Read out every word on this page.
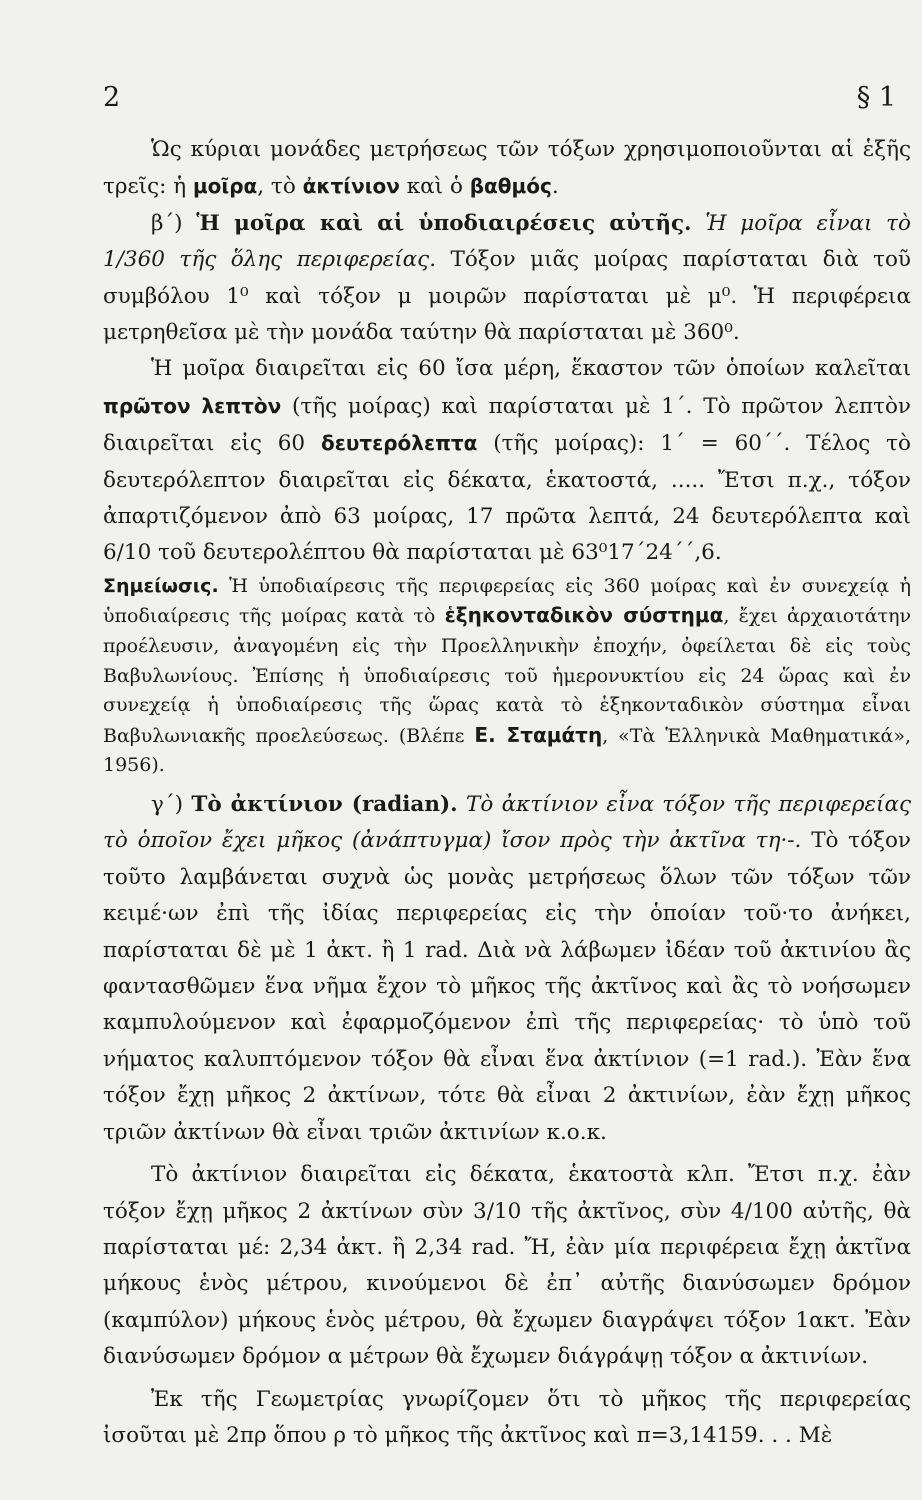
2	§ 1

Ὡς κύριαι μονάδες μετρήσεως τῶν τόξων χρησιμοποιοῦνται αἱ ἑξῆς τρεῖς: ἡ μοῖρα, τὸ ἀκτίνιον καὶ ὁ βαθμός.

β΄) Ἡ μοῖρα καὶ αἱ ὑποδιαιρέσεις αὐτῆς. Ἡ μοῖρα εἶναι τὸ 1/360 τῆς ὅλης περιφερείας. Τόξον μιᾶς μοίρας παρίσταται διὰ τοῦ συμβόλου 1⁰ καὶ τόξον μ μοιρῶν παρίσταται μὲ μ⁰. Ἡ περιφέρεια μετρηθεῖσα μὲ τὴν μονάδα ταύτην θὰ παρίσταται μὲ 360⁰.

Ἡ μοῖρα διαιρεῖται εἰς 60 ἴσα μέρη, ἕκαστον τῶν ὁποίων καλεῖται πρῶτον λεπτὸν (τῆς μοίρας) καὶ παρίσταται μὲ 1΄. Τὸ πρῶτον λεπτὸν διαιρεῖται εἰς 60 δευτερόλεπτα (τῆς μοίρας): 1΄ = 60΄΄. Τέλος τὸ δευτερόλεπτον διαιρεῖται εἰς δέκατα, ἑκατοστά, ..... Ἔτσι π.χ., τόξον ἀπαρτιζόμενον ἀπὸ 63 μοίρας, 17 πρῶτα λεπτά, 24 δευτερόλεπτα καὶ 6/10 τοῦ δευτερολέπτου θὰ παρίσταται μὲ 63⁰17΄24΄΄,6.

Σημείωσις. Ἡ ὑποδιαίρεσις τῆς περιφερείας εἰς 360 μοίρας καὶ ἐν συνεχείᾳ ἡ ὑποδιαίρεσις τῆς μοίρας κατὰ τὸ ἑξηκονταδικὸν σύστημα, ἔχει ἀρχαιοτάτην προέλευσιν, ἀναγομένη εἰς τὴν Προελληνικὴν ἐποχήν, ὀφείλεται δὲ εἰς τοὺς Βαβυλωνίους. Ἐπίσης ἡ ὑποδιαίρεσις τοῦ ἡμερονυκτίου εἰς 24 ὥρας καὶ ἐν συνεχείᾳ ἡ ὑποδιαίρεσις τῆς ὥρας κατὰ τὸ ἑξηκονταδικὸν σύστημα εἶναι Βαβυλωνιακῆς προελεύσεως. (Βλέπε Ε. Σταμάτη, «Τὰ Ἑλληνικὰ Μαθηματικά», 1956).

γ΄) Τὸ ἀκτίνιον (radian). Τὸ ἀκτίνιον εἶνα τόξον τῆς περιφερείας τὸ ὁποῖον ἔχει μῆκος (ἀνάπτυγμα) ἴσον πρὸς τὴν ἀκτῖνα τη·-. Τὸ τόξον τοῦτο λαμβάνεται συχνὰ ὡς μονὰς μετρήσεως ὅλων τῶν τόξων τῶν κειμέ·ων ἐπὶ τῆς ἰδίας περιφερείας εἰς τὴν ὁποίαν τοῦ·το ἀνήκει, παρίσταται δὲ μὲ 1 ἀκτ. ἢ 1 rad. Διὰ νὰ λάβωμεν ἰδέαν τοῦ ἀκτινίου ἂς φαντασθῶμεν ἕνα νῆμα ἔχον τὸ μῆκος τῆς ἀκτῖνος καὶ ἂς τὸ νοήσωμεν καμπυλούμενον καὶ ἐφαρμοζόμενον ἐπὶ τῆς περιφερείας· τὸ ὑπὸ τοῦ νήματος καλυπτόμενον τόξον θὰ εἶναι ἕνα ἀκτίνιον (=1 rad.). Ἐὰν ἕνα τόξον ἔχῃ μῆκος 2 ἀκτίνων, τότε θὰ εἶναι 2 ἀκτινίων, ἐὰν ἔχῃ μῆκος τριῶν ἀκτίνων θὰ εἶναι τριῶν ἀκτινίων κ.ο.κ.

Τὸ ἀκτίνιον διαιρεῖται εἰς δέκατα, ἑκατοστὰ κλπ. Ἔτσι π.χ. ἐὰν τόξον ἔχῃ μῆκος 2 ἀκτίνων σὺν 3/10 τῆς ἀκτῖνος, σὺν 4/100 αὐτῆς, θὰ παρίσταται μέ: 2,34 ἀκτ. ἢ 2,34 rad. Ἤ, ἐὰν μία περιφέρεια ἔχῃ ἀκτῖνα μήκους ἑνὸς μέτρου, κινούμενοι δὲ ἐπ᾿ αὐτῆς διανύσωμεν δρόμον (καμπύλον) μήκους ἑνὸς μέτρου, θὰ ἔχωμεν διαγράψει τόξον 1ακτ. Ἐὰν διανύσωμεν δρόμον α μέτρων θὰ ἔχωμεν διάγράψῃ τόξον α ἀκτινίων.

Ἐκ τῆς Γεωμετρίας γνωρίζομεν ὅτι τὸ μῆκος τῆς περιφερείας ἰσοῦται μὲ 2πρ ὅπου ρ τὸ μῆκος τῆς ἀκτῖνος καὶ π=3,14159. . . Μὲ
